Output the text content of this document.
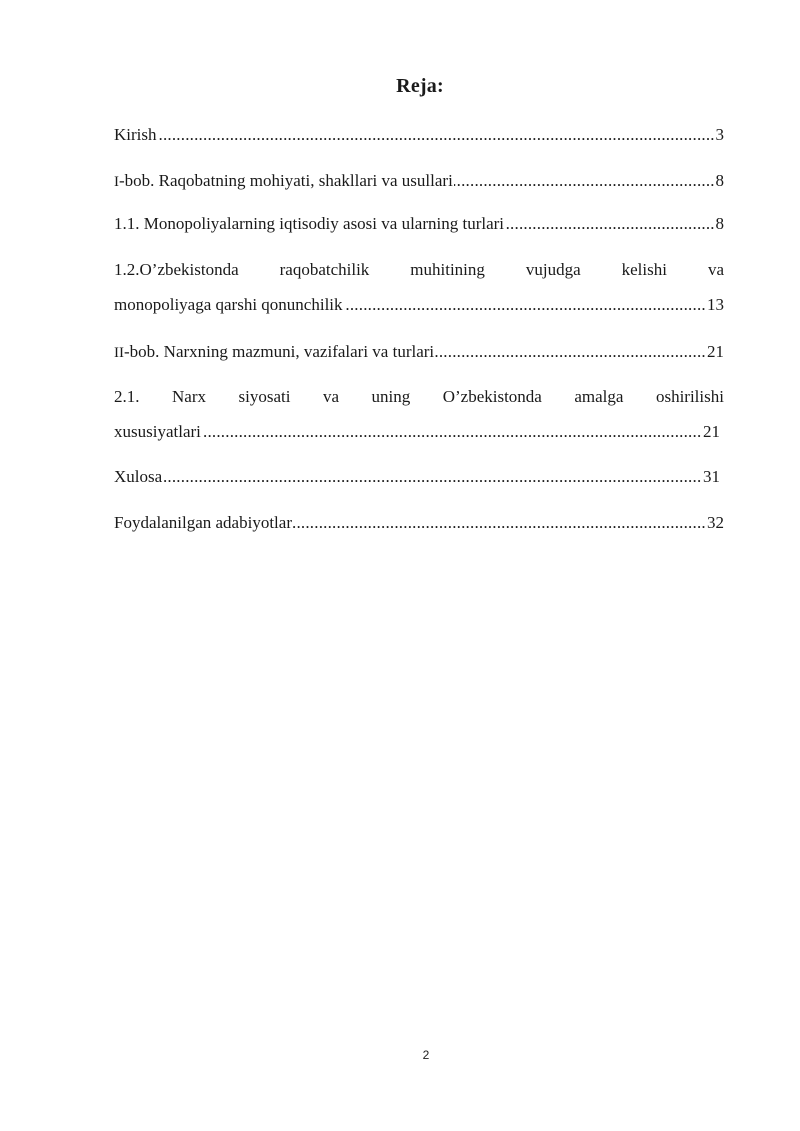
Reja:
Kirish .....	3
I-bob. Raqobatning mohiyati, shakllari va usullari .....	8
1.1. Monopoliyalarning iqtisodiy asosi va ularning turlari .....	8
1.2.O’zbekistonda raqobatchilik muhitining vujudga kelishi va
monopoliyaga qarshi qonunchilik .....	13
II-bob. Narxning mazmuni, vazifalari va turlari .....	21
2.1. Narx siyosati va uning O’zbekistonda amalga oshirilishi
xususiyatlari .....	21
Xulosa .....	31
Foydalanilgan adabiyotlar .....	32
2
